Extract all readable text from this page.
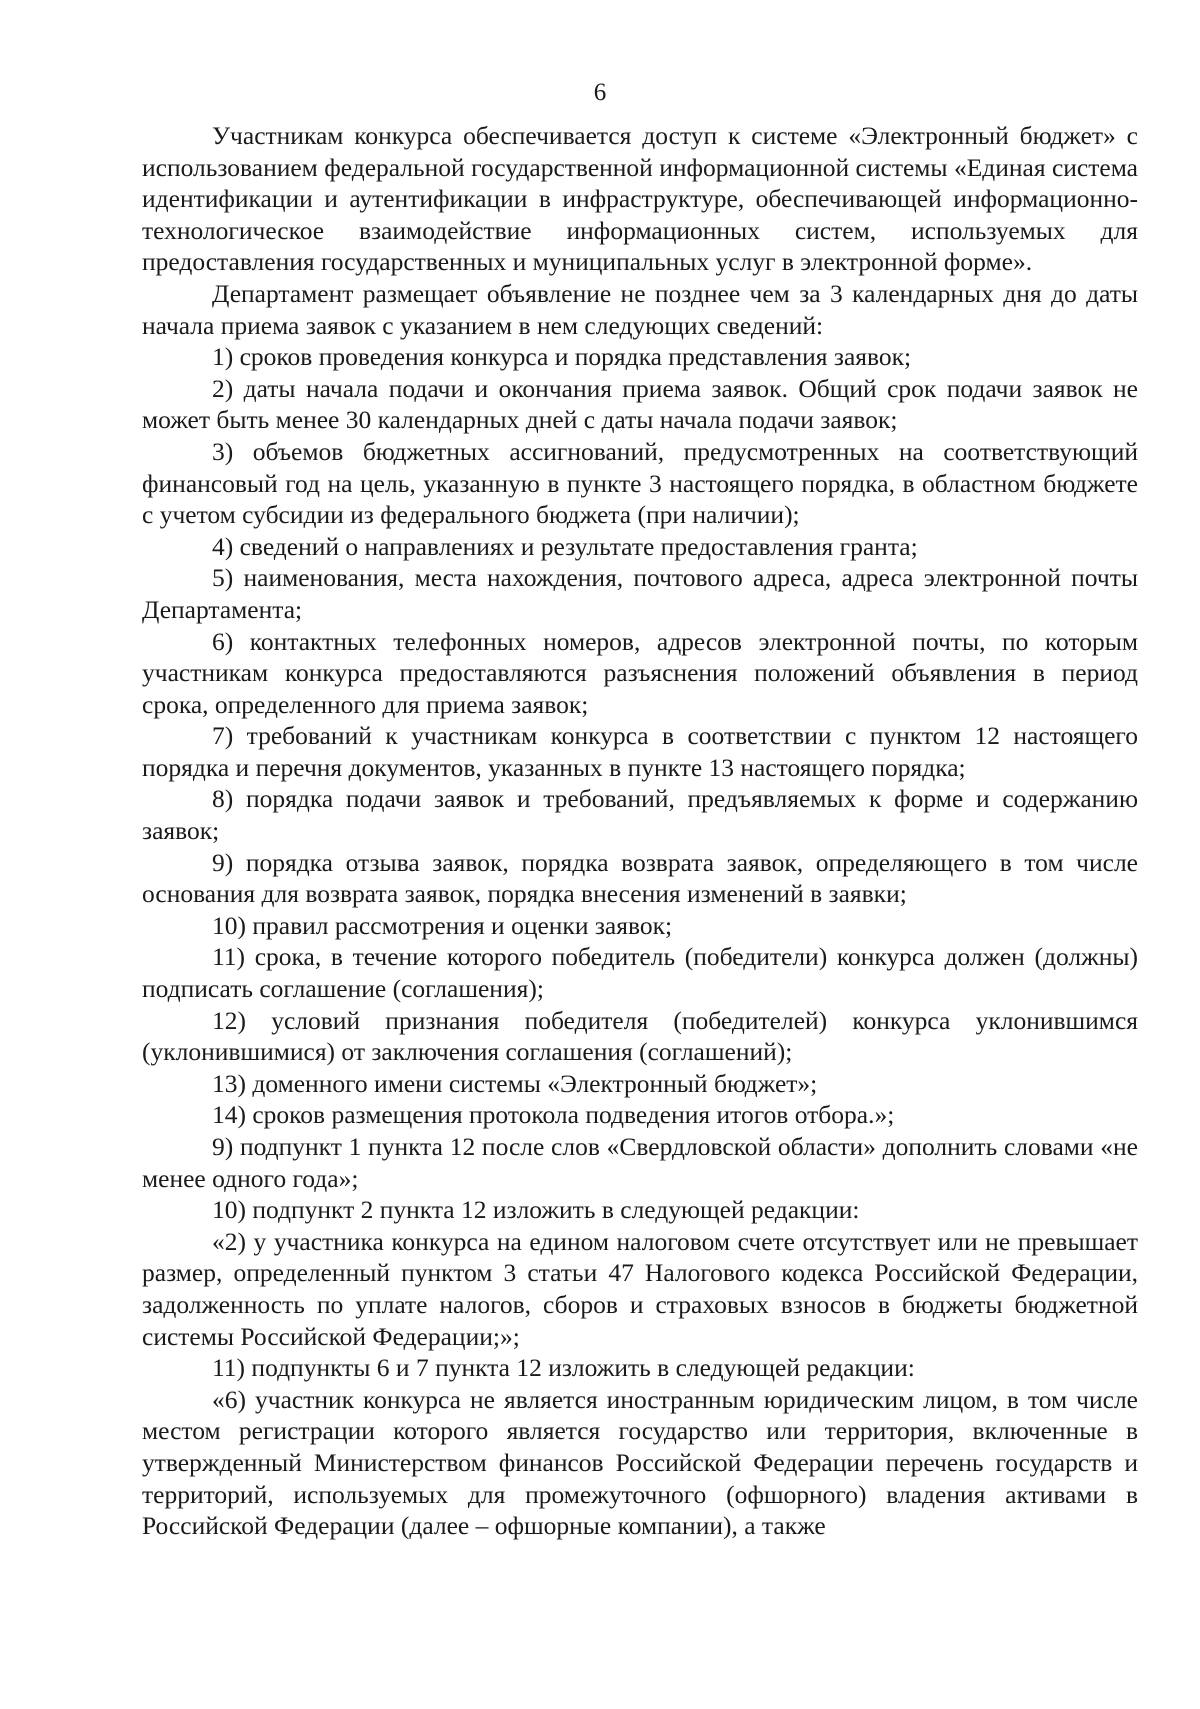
6

Участникам конкурса обеспечивается доступ к системе «Электронный бюджет» с использованием федеральной государственной информационной системы «Единая система идентификации и аутентификации в инфраструктуре, обеспечивающей информационно-технологическое взаимодействие информационных систем, используемых для предоставления государственных и муниципальных услуг в электронной форме».

Департамент размещает объявление не позднее чем за 3 календарных дня до даты начала приема заявок с указанием в нем следующих сведений:

1) сроков проведения конкурса и порядка представления заявок;

2) даты начала подачи и окончания приема заявок. Общий срок подачи заявок не может быть менее 30 календарных дней с даты начала подачи заявок;

3) объемов бюджетных ассигнований, предусмотренных на соответствующий финансовый год на цель, указанную в пункте 3 настоящего порядка, в областном бюджете с учетом субсидии из федерального бюджета (при наличии);

4) сведений о направлениях и результате предоставления гранта;

5) наименования, места нахождения, почтового адреса, адреса электронной почты Департамента;

6) контактных телефонных номеров, адресов электронной почты, по которым участникам конкурса предоставляются разъяснения положений объявления в период срока, определенного для приема заявок;

7) требований к участникам конкурса в соответствии с пунктом 12 настоящего порядка и перечня документов, указанных в пункте 13 настоящего порядка;

8) порядка подачи заявок и требований, предъявляемых к форме и содержанию заявок;

9) порядка отзыва заявок, порядка возврата заявок, определяющего в том числе основания для возврата заявок, порядка внесения изменений в заявки;

10) правил рассмотрения и оценки заявок;

11) срока, в течение которого победитель (победители) конкурса должен (должны) подписать соглашение (соглашения);

12) условий признания победителя (победителей) конкурса уклонившимся (уклонившимися) от заключения соглашения (соглашений);

13) доменного имени системы «Электронный бюджет»;

14) сроков размещения протокола подведения итогов отбора.»;

9) подпункт 1 пункта 12 после слов «Свердловской области» дополнить словами «не менее одного года»;

10) подпункт 2 пункта 12 изложить в следующей редакции:

«2) у участника конкурса на едином налоговом счете отсутствует или не превышает размер, определенный пунктом 3 статьи 47 Налогового кодекса Российской Федерации, задолженность по уплате налогов, сборов и страховых взносов в бюджеты бюджетной системы Российской Федерации;»;

11) подпункты 6 и 7 пункта 12 изложить в следующей редакции:

«6) участник конкурса не является иностранным юридическим лицом, в том числе местом регистрации которого является государство или территория, включенные в утвержденный Министерством финансов Российской Федерации перечень государств и территорий, используемых для промежуточного (офшорного) владения активами в Российской Федерации (далее – офшорные компании), а также
